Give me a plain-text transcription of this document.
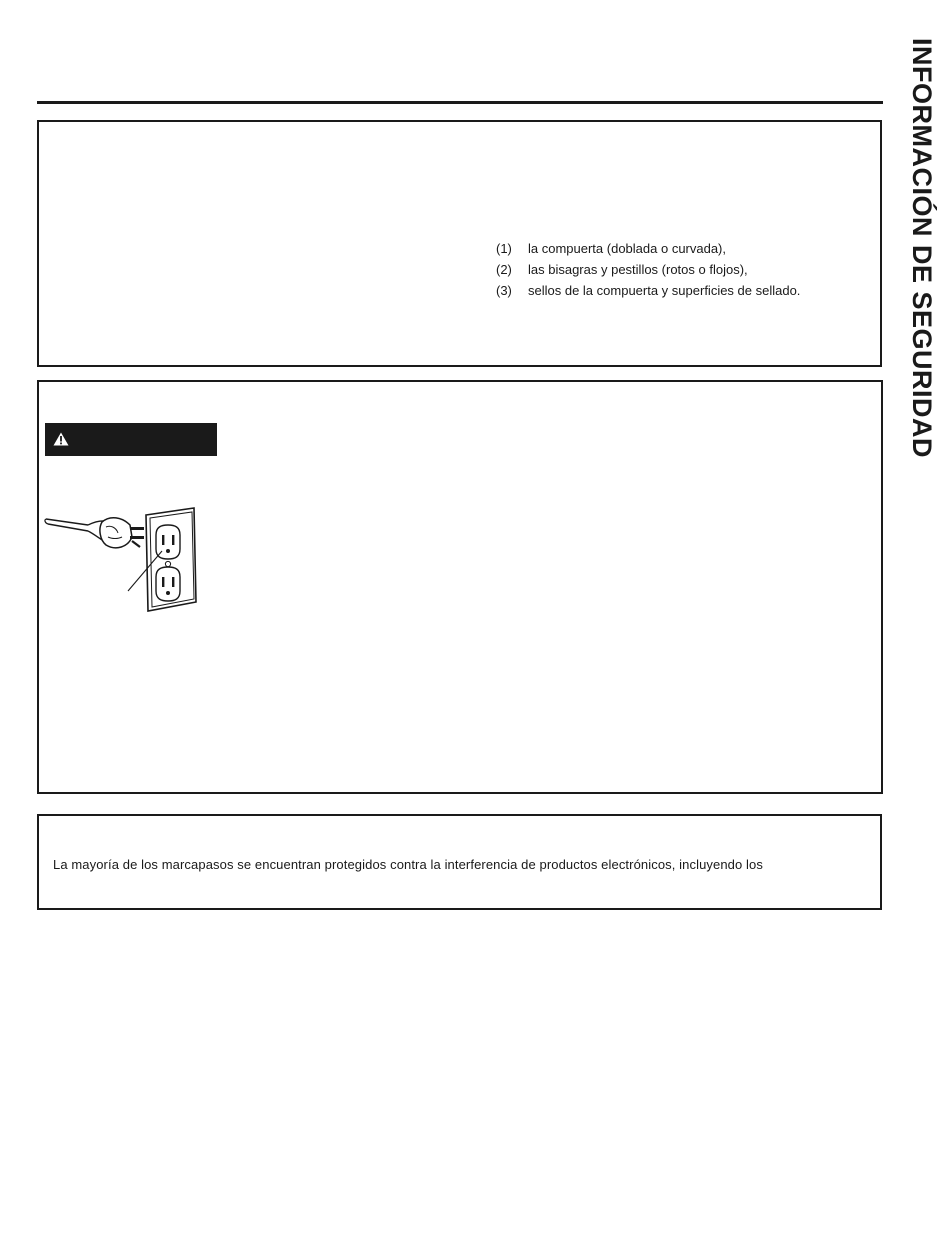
INFORMACIÓN DE SEGURIDAD
(1)	la compuerta (doblada o curvada),
(2)	las bisagras y pestillos (rotos o flojos),
(3)	sellos de la compuerta y superficies de sellado.
La mayoría de los marcapasos se encuentran protegidos contra la interferencia de productos electrónicos, incluyendo los
